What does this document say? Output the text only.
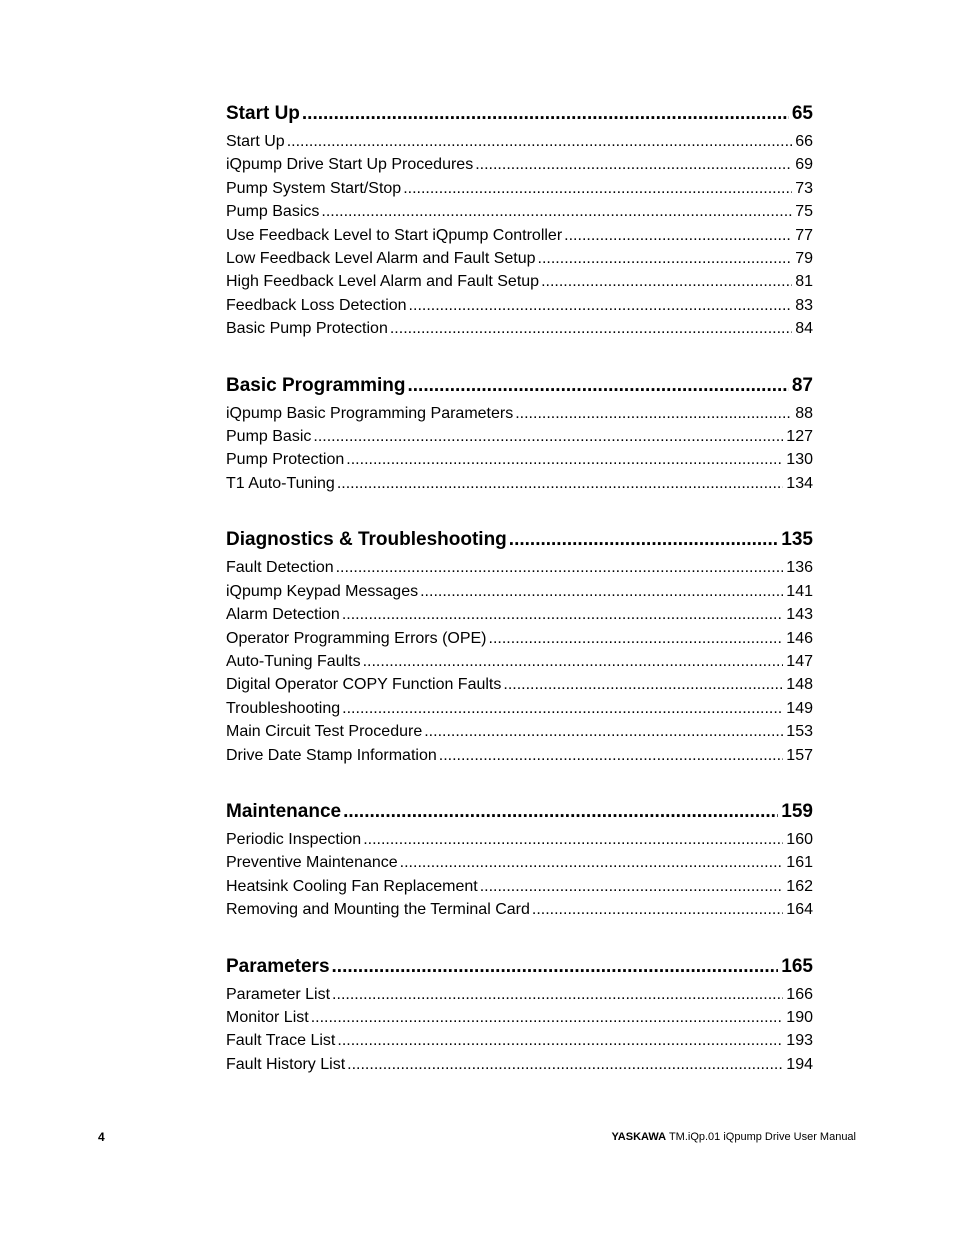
Start Up .....	65
Start Up .....	66
iQpump Drive Start Up Procedures .....	69
Pump System Start/Stop .....	73
Pump Basics .....	75
Use Feedback Level to Start iQpump Controller .....	77
Low Feedback Level Alarm and Fault Setup .....	79
High Feedback Level Alarm and Fault Setup .....	81
Feedback Loss Detection .....	83
Basic Pump Protection .....	84
Basic Programming .....	87
iQpump Basic Programming Parameters .....	88
Pump Basic .....	127
Pump Protection .....	130
T1 Auto-Tuning .....	134
Diagnostics & Troubleshooting .....	135
Fault Detection .....	136
iQpump Keypad Messages .....	141
Alarm Detection .....	143
Operator Programming Errors (OPE) .....	146
Auto-Tuning Faults .....	147
Digital Operator COPY Function Faults .....	148
Troubleshooting .....	149
Main Circuit Test Procedure .....	153
Drive Date Stamp Information .....	157
Maintenance .....	159
Periodic Inspection .....	160
Preventive Maintenance .....	161
Heatsink Cooling Fan Replacement .....	162
Removing and Mounting the Terminal Card .....	164
Parameters .....	165
Parameter List .....	166
Monitor List .....	190
Fault Trace List .....	193
Fault History List .....	194
4	YASKAWA TM.iQp.01 iQpump Drive User Manual
